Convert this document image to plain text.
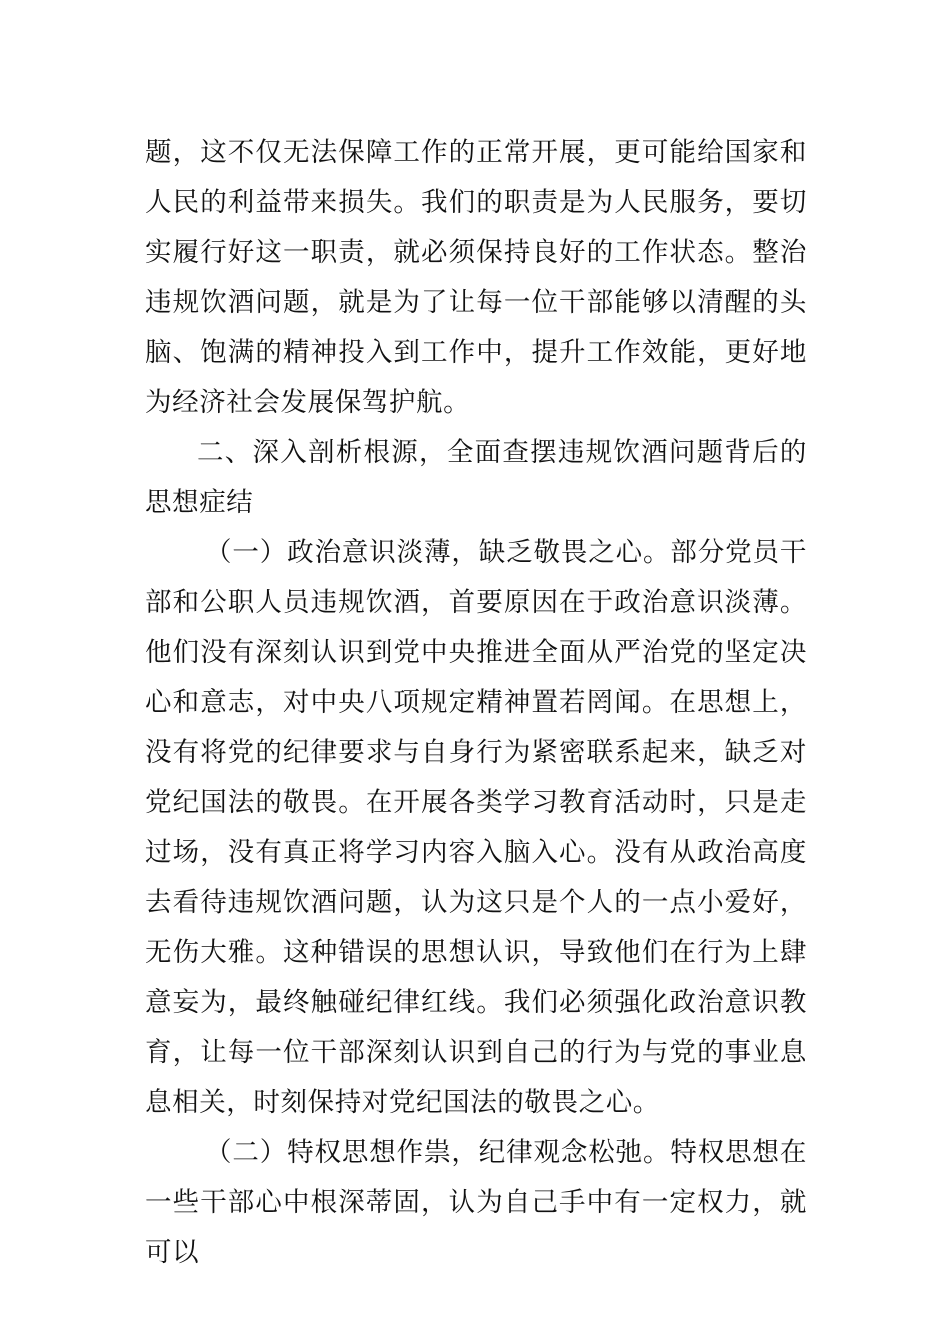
题，这不仅无法保障工作的正常开展，更可能给国家和人民的利益带来损失。我们的职责是为人民服务，要切实履行好这一职责，就必须保持良好的工作状态。整治违规饮酒问题，就是为了让每一位干部能够以清醒的头脑、饱满的精神投入到工作中，提升工作效能，更好地为经济社会发展保驾护航。

二、深入剖析根源，全面查摆违规饮酒问题背后的思想症结

（一）政治意识淡薄，缺乏敬畏之心。部分党员干部和公职人员违规饮酒，首要原因在于政治意识淡薄。他们没有深刻认识到党中央推进全面从严治党的坚定决心和意志，对中央八项规定精神置若罔闻。在思想上，没有将党的纪律要求与自身行为紧密联系起来，缺乏对党纪国法的敬畏。在开展各类学习教育活动时，只是走过场，没有真正将学习内容入脑入心。没有从政治高度去看待违规饮酒问题，认为这只是个人的一点小爱好，无伤大雅。这种错误的思想认识，导致他们在行为上肆意妄为，最终触碰纪律红线。我们必须强化政治意识教育，让每一位干部深刻认识到自己的行为与党的事业息息相关，时刻保持对党纪国法的敬畏之心。

（二）特权思想作祟，纪律观念松弛。特权思想在一些干部心中根深蒂固，认为自己手中有一定权力，就可以
